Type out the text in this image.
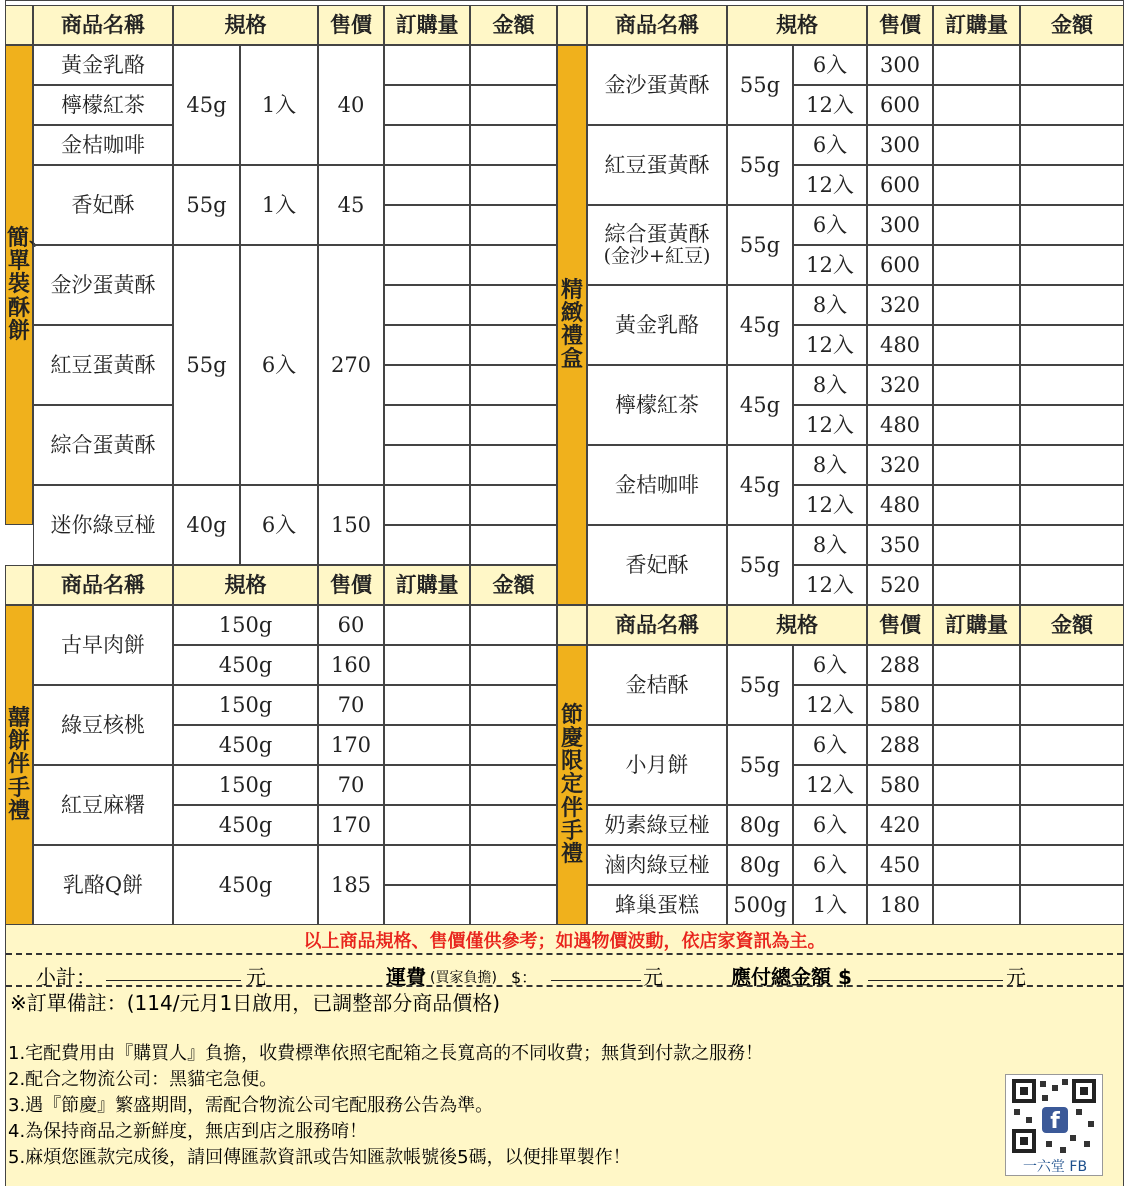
商品名稱	規格	售價	訂購量	金額	商品名稱	規格	售價	訂購量	金額
簡、單裝酥餅
黃金乳酪
檸檬紅茶
金桔咖啡
45g	1入	40
香妃酥	55g	1入	45
金沙蛋黃酥
紅豆蛋黃酥
綜合蛋黃酥
55g	6入	270
迷你綠豆椪	40g	6入	150
商品名稱	規格	售價	訂購量	金額
囍餅伴手禮
古早肉餅
150g	60
450g	160
綠豆核桃
150g	70
450g	170
紅豆麻糬
150g	70
450g	170
乳酪Q餅	450g	185
精緻禮盒
金沙蛋黃酥	55g
6入	300
12入	600
紅豆蛋黃酥	55g
6入	300
12入	600
綜合蛋黃酥
(金沙+紅豆)	55g
6入	300
12入	600
黃金乳酪	45g
8入	320
12入	480
檸檬紅茶	45g
8入	320
12入	480
金桔咖啡	45g
8入	320
12入	480
香妃酥	55g
8入	350
12入	520
商品名稱	規格	售價	訂購量	金額
節慶限定伴手禮
金桔酥	55g
6入	288
12入	580
小月餅	55g
6入	288
12入	580
奶素綠豆椪	80g	6入	420
滷肉綠豆椪	80g	6入	450
蜂巢蛋糕	500g	1入	180
以上商品規格、售價僅供參考；如遇物價波動，依店家資訊為主。
小計：	元	運費 (買家負擔) $：	元	應付總金額 $	元
※訂單備註：(114/元月1日啟用，已調整部分商品價格)
1.宅配費用由『購買人』負擔，收費標準依照宅配箱之長寬高的不同收費；無貨到付款之服務！
2.配合之物流公司：黑貓宅急便。
3.遇『節慶』繁盛期間，需配合物流公司宅配服務公告為準。
4.為保持商品之新鮮度，無店到店之服務唷！
5.麻煩您匯款完成後，請回傳匯款資訊或告知匯款帳號後5碼，以便排單製作！
f
一六堂 FB
